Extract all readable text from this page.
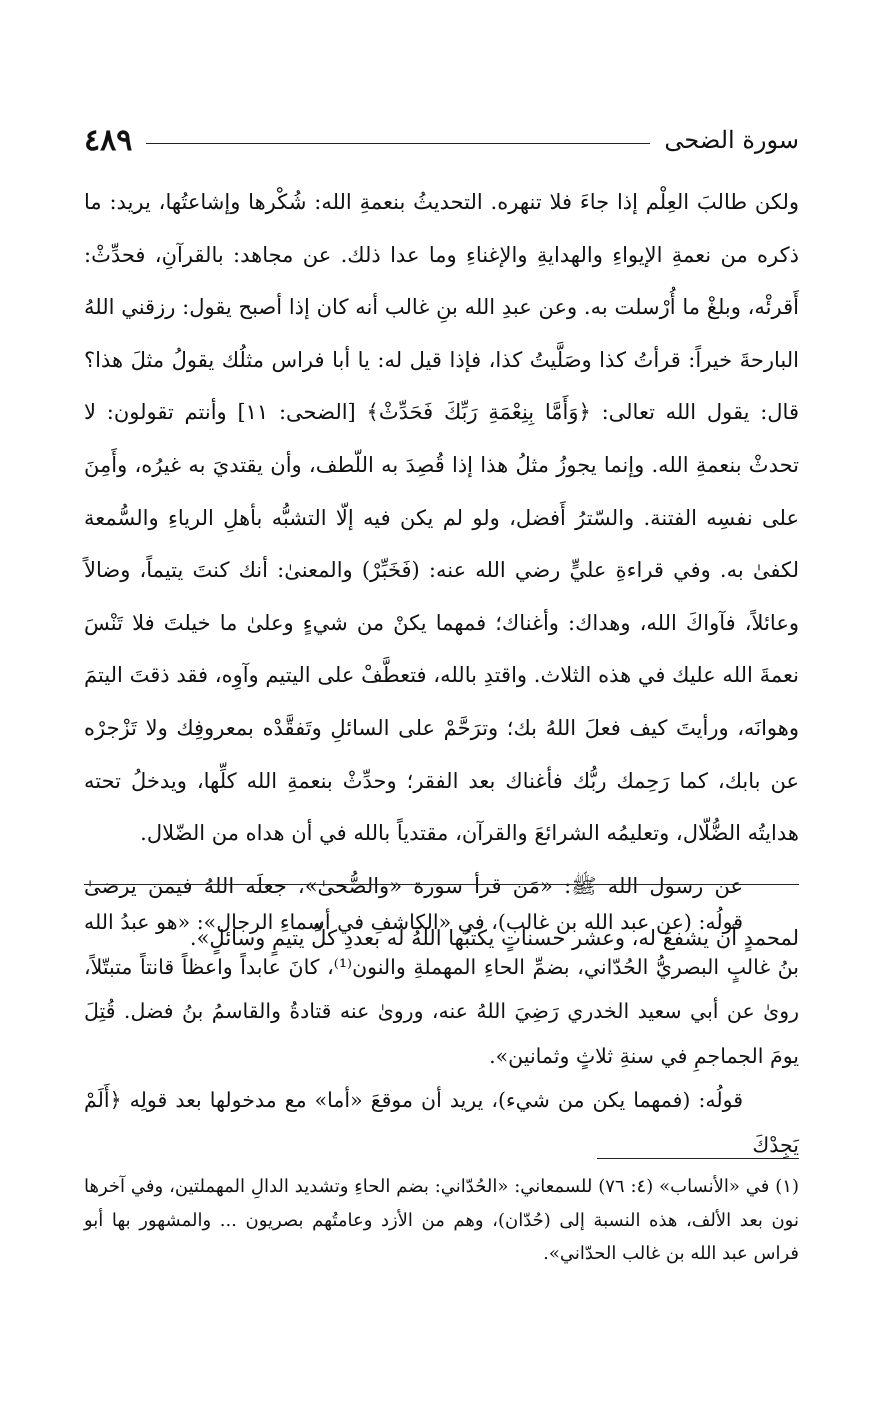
سورة الضحى
٤٨٩

ولكن طالبَ العِلْم إذا جاءَ فلا تنهره. التحديثُ بنعمةِ الله: شُكْرها وإشاعتُها، يريد: ما ذكره من نعمةِ الإيواءِ والهدايةِ والإغناءِ وما عدا ذلك. عن مجاهد: بالقرآنِ، فحدِّثْ: أَقرئْه، وبلغْ ما أُرْسلت به. وعن عبدِ الله بنِ غالب أنه كان إذا أصبح يقول: رزقني اللهُ البارحةَ خيراً: قرأتُ كذا وصَلَّيتُ كذا، فإذا قيل له: يا أبا فراس مثلُك يقولُ مثلَ هذا؟ قال: يقول الله تعالى: ﴿وَأَمَّا بِنِعْمَةِ رَبِّكَ فَحَدِّثْ﴾ [الضحى: ١١] وأنتم تقولون: لا تحدثْ بنعمةِ الله. وإنما يجوزُ مثلُ هذا إذا قُصِدَ به اللّطف، وأن يقتديَ به غيرُه، وأَمِنَ على نفسِه الفتنة. والسّترُ أَفضل، ولو لم يكن فيه إلّا التشبُّه بأهلِ الرياءِ والسُّمعة لكفىٰ به. وفي قراءةِ عليٍّ رضي الله عنه: (فَخَبِّرْ) والمعنىٰ: أنك كنتَ يتيماً، وضالاً وعائلاً، فآواكَ الله، وهداك: وأغناك؛ فمهما يكنْ من شيءٍ وعلىٰ ما خيلتَ فلا تَنْسَ نعمةَ الله عليك في هذه الثلاث. واقتدِ بالله، فتعطَّفْ على اليتيم وآوِه، فقد ذقتَ اليتمَ وهوانَه، ورأيتَ كيف فعلَ اللهُ بك؛ وترَحَّمْ على السائلِ وتَفقَّدْه بمعروفِك ولا تَزْجرْه عن بابك، كما رَحِمك ربُّك فأغناك بعد الفقر؛ وحدِّثْ بنعمةِ الله كلِّها، ويدخلُ تحته هدايتُه الضُّلّال، وتعليمُه الشرائعَ والقرآن، مقتدياً بالله في أن هداه من الضّلال.

عن رسول الله ﷺ: «مَن قرأ سورة «والضُّحىٰ»، جعلَه اللهُ فيمن يرضىٰ لمحمدٍ أن يشفعَ له، وعشر حسناتٍ يكتبُها اللهُ له بعددِ كلِّ يتيمٍ وسائلٍ».

قولُه: (عن عبد الله بن غالب)، في «الكاشفِ في أسماءِ الرجال»: «هو عبدُ الله بنُ غالبٍ البصريُّ الحُدّاني، بضمِّ الحاءِ المهملةِ والنون⁽¹⁾، كانَ عابداً واعظاً قانتاً متبتّلاً، روىٰ عن أبي سعيد الخدري رَضِيَ اللهُ عنه، وروىٰ عنه قتادةُ والقاسمُ بنُ فضل. قُتِلَ يومَ الجماجمِ في سنةِ ثلاثٍ وثمانين».

قولُه: (فمهما يكن من شيء)، يريد أن موقعَ «أما» مع مدخولها بعد قولِه ﴿أَلَمْ يَجِدْكَ

(١) في «الأنساب» (٤: ٧٦) للسمعاني: «الحُدّاني: بضم الحاءِ وتشديد الدالِ المهملتين، وفي آخرها نون بعد الألف، هذه النسبة إلى (حُدّان)، وهم من الأزد وعامتُهم بصريون ... والمشهور بها أبو فراس عبد الله بن غالب الحدّاني».
